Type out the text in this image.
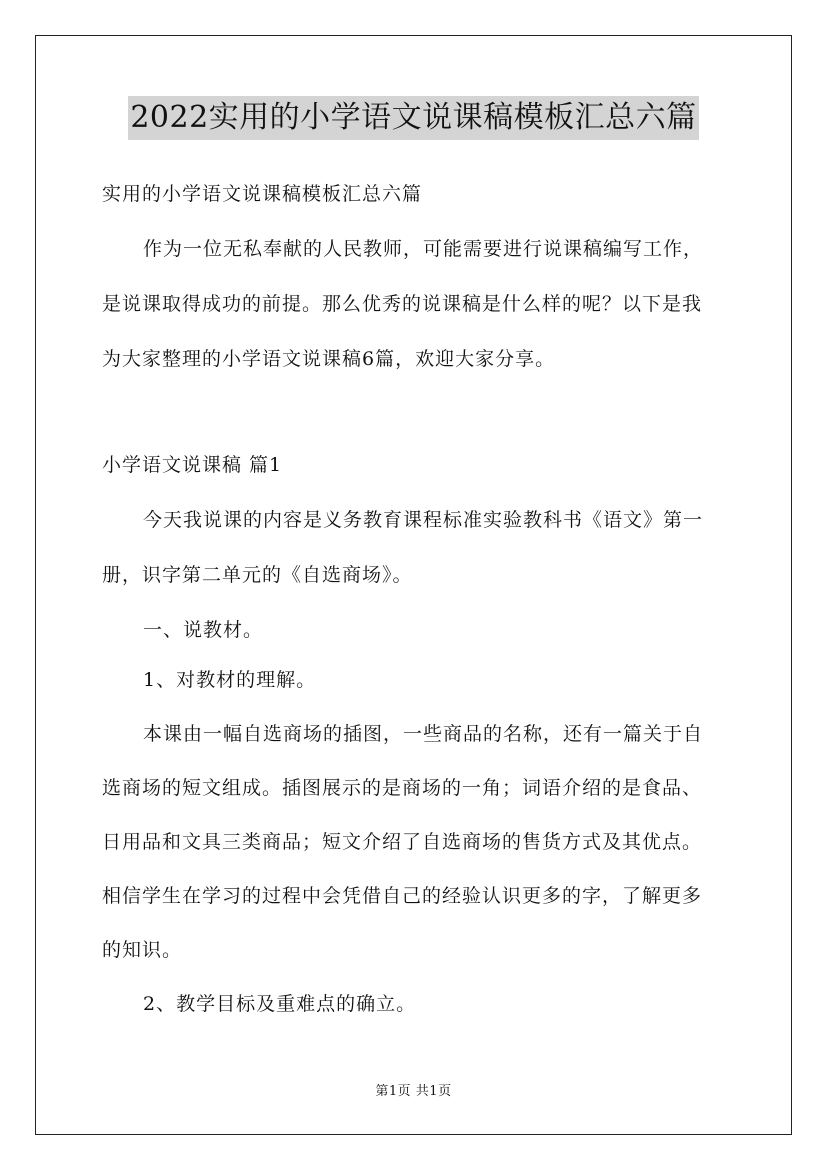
2022实用的小学语文说课稿模板汇总六篇
实用的小学语文说课稿模板汇总六篇
作为一位无私奉献的人民教师，可能需要进行说课稿编写工作，
是说课取得成功的前提。那么优秀的说课稿是什么样的呢？以下是我
为大家整理的小学语文说课稿6篇，欢迎大家分享。
小学语文说课稿 篇1
今天我说课的内容是义务教育课程标准实验教科书《语文》第一
册，识字第二单元的《自选商场》。
一、说教材。
1、对教材的理解。
本课由一幅自选商场的插图，一些商品的名称，还有一篇关于自
选商场的短文组成。插图展示的是商场的一角；词语介绍的是食品、
日用品和文具三类商品；短文介绍了自选商场的售货方式及其优点。
相信学生在学习的过程中会凭借自己的经验认识更多的字，了解更多
的知识。
2、教学目标及重难点的确立。
第1页 共1页
